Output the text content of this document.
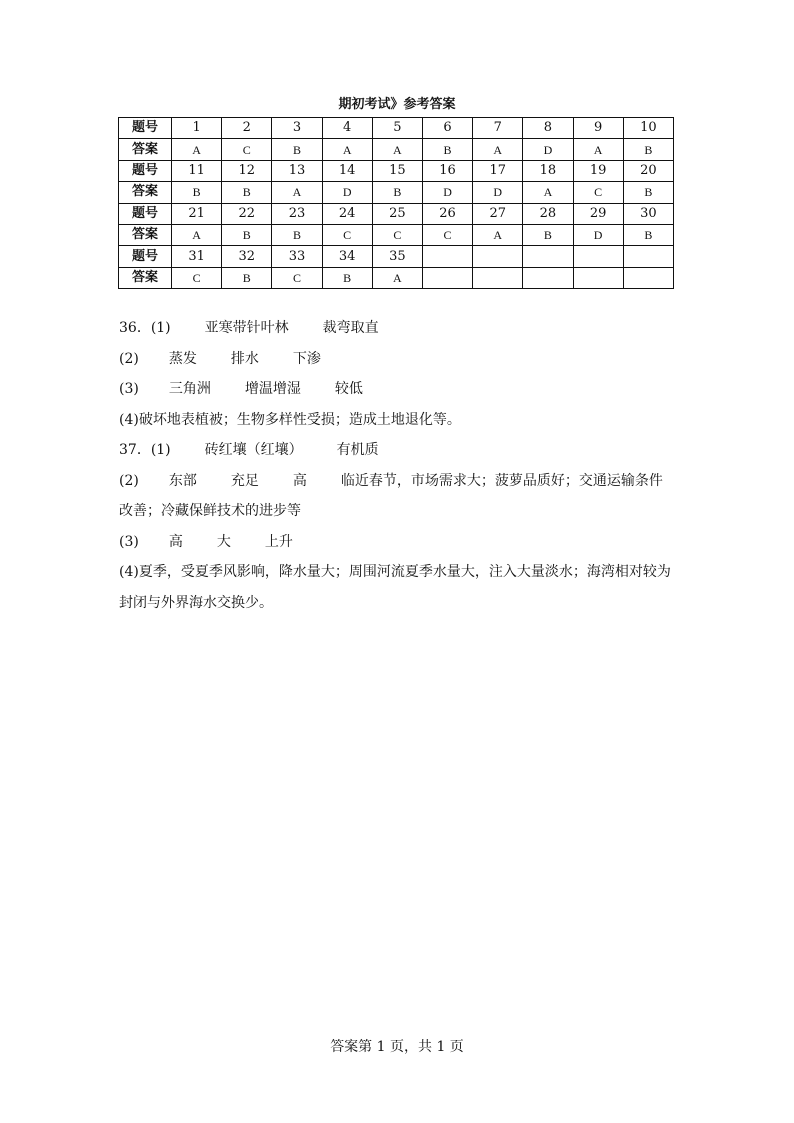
期初考试》参考答案
题号	1	2	3	4	5	6	7	8	9	10
答案	A	C	B	A	A	B	A	D	A	B
题号	11	12	13	14	15	16	17	18	19	20
答案	B	B	A	D	B	D	D	A	C	B
题号	21	22	23	24	25	26	27	28	29	30
答案	A	B	B	C	C	C	A	B	D	B
题号	31	32	33	34	35					
答案	C	B	C	B	A					
36．(1) 亚寒带针叶林 裁弯取直
(2) 蒸发 排水 下渗
(3) 三角洲 增温增湿 较低
(4)破坏地表植被；生物多样性受损；造成土地退化等。
37．(1) 砖红壤（红壤） 有机质
(2) 东部 充足 高 临近春节，市场需求大；菠萝品质好；交通运输条件
改善；冷藏保鲜技术的进步等
(3) 高 大 上升
(4)夏季，受夏季风影响，降水量大；周围河流夏季水量大，注入大量淡水；海湾相对较为
封闭与外界海水交换少。
答案第 1 页，共 1 页
